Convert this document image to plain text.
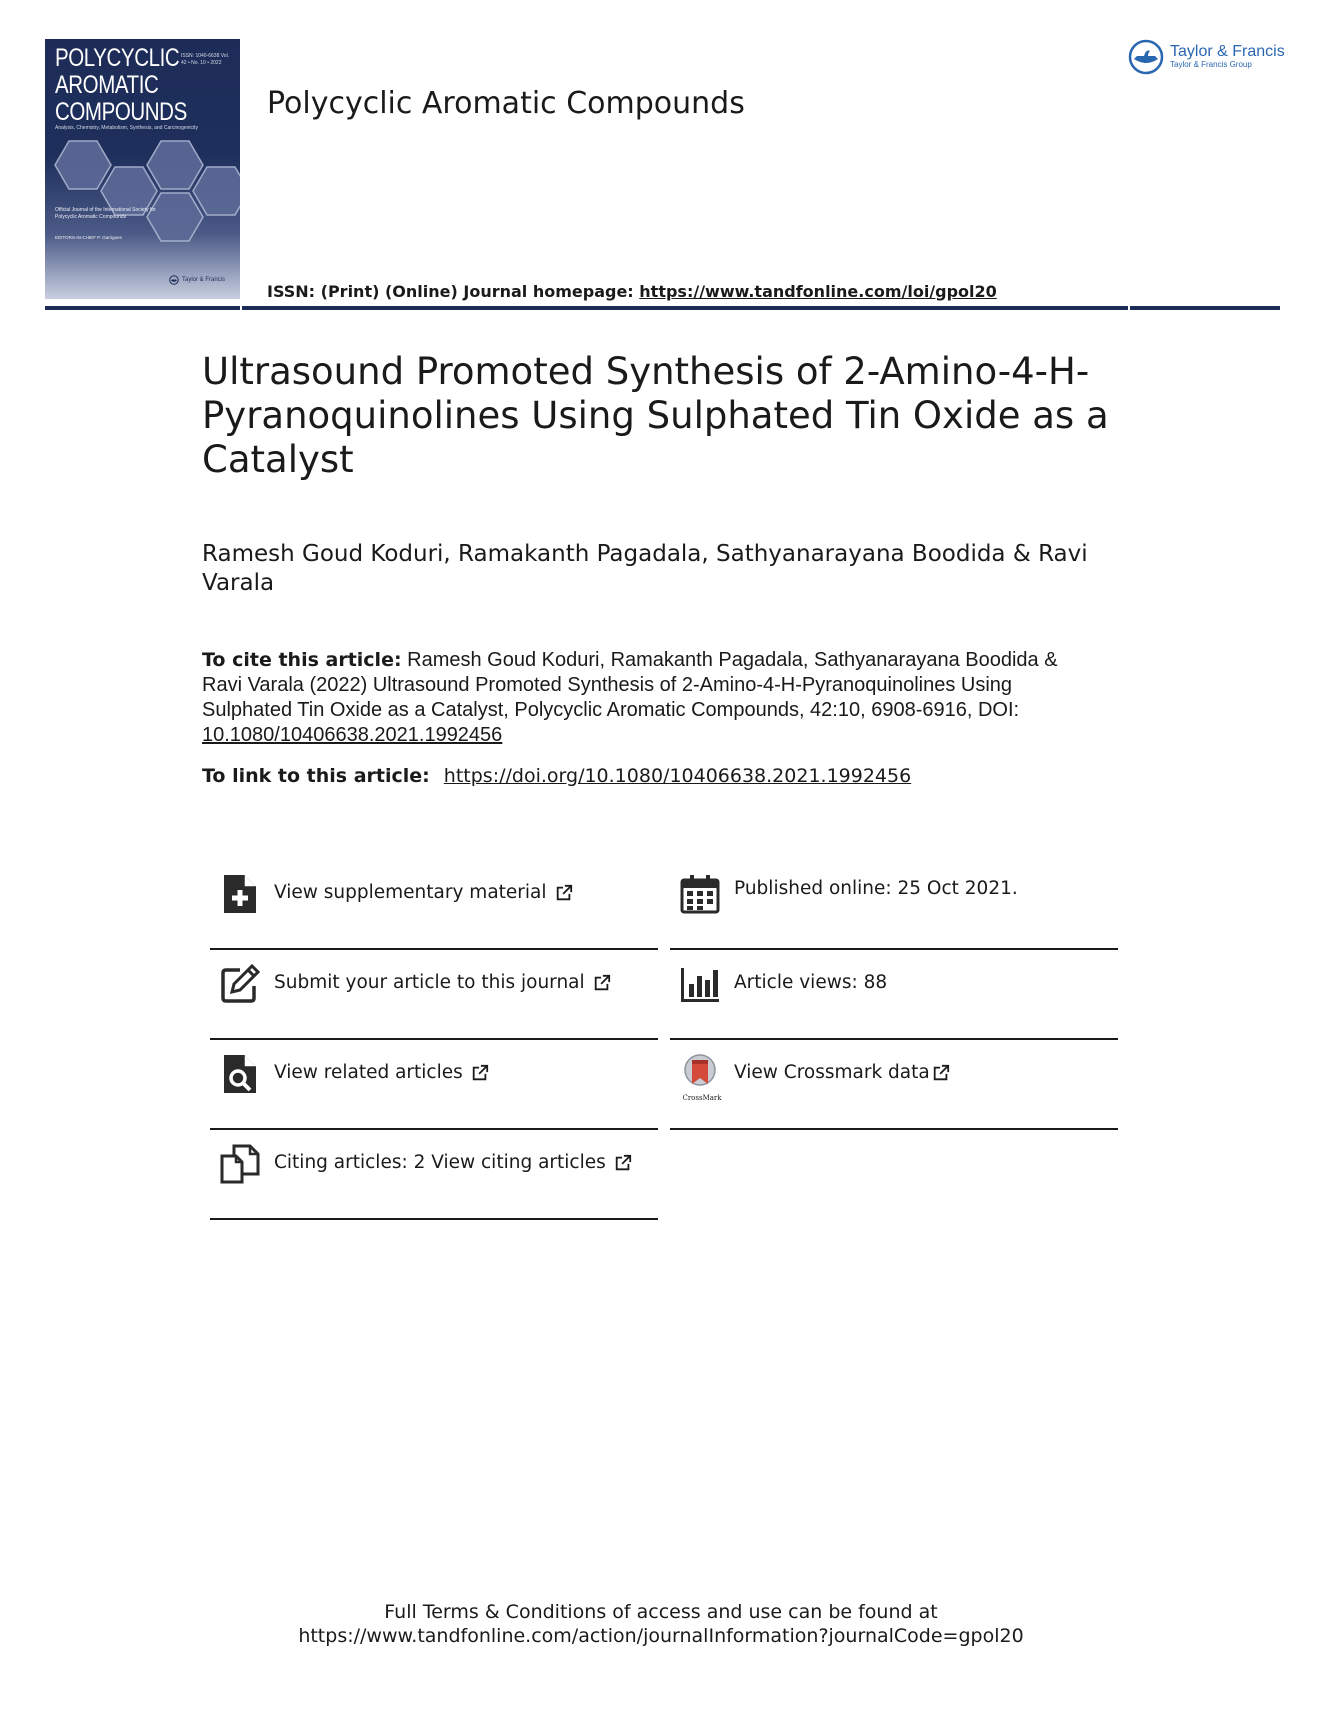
POLYCYCLIC
AROMATIC
COMPOUNDS
ISSN: 1040-6638 Vol. 42 • No. 10 • 2022
Analysis, Chemistry, Metabolism, Synthesis, and Carcinogenicity
Official Journal of the International Society for Polycyclic Aromatic Compounds
EDITORS-IN-CHIEF P. Garrigues
Taylor & Francis
Polycyclic Aromatic Compounds
ISSN: (Print) (Online) Journal homepage: https://www.tandfonline.com/loi/gpol20
Taylor & Francis
Taylor & Francis Group
Ultrasound Promoted Synthesis of 2-Amino-4-H-Pyranoquinolines Using Sulphated Tin Oxide as a Catalyst
Ramesh Goud Koduri, Ramakanth Pagadala, Sathyanarayana Boodida & Ravi Varala
To cite this article: Ramesh Goud Koduri, Ramakanth Pagadala, Sathyanarayana Boodida & Ravi Varala (2022) Ultrasound Promoted Synthesis of 2-Amino-4-H-Pyranoquinolines Using Sulphated Tin Oxide as a Catalyst, Polycyclic Aromatic Compounds, 42:10, 6908-6916, DOI: 10.1080/10406638.2021.1992456
To link to this article: https://doi.org/10.1080/10406638.2021.1992456
View supplementary material	Published online: 25 Oct 2021.
Submit your article to this journal	Article views: 88
View related articles
CrossMark
View Crossmark data
Citing articles: 2 View citing articles
Full Terms & Conditions of access and use can be found at
https://www.tandfonline.com/action/journalInformation?journalCode=gpol20
